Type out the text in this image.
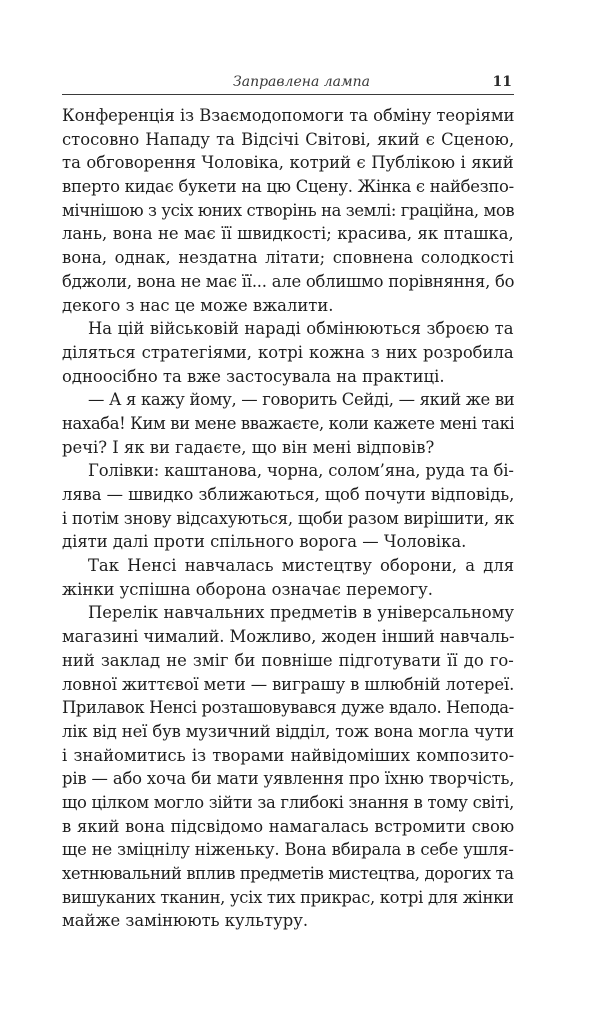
Заправлена лампа	11
Конференція із Взаємодопомоги та обміну теоріями
стосовно Нападу та Відсічі Світові, який є Сценою,
та обговорення Чоловіка, котрий є Публікою і який
вперто кидає букети на цю Сцену. Жінка є найбезпо-
мічнішою з усіх юних створінь на землі: граційна, мов
лань, вона не має її швидкості; красива, як пташка,
вона, однак, нездатна літати; сповнена солодкості
бджоли, вона не має її... але облишмо порівняння, бо
декого з нас це може вжалити.
На цій військовій нараді обмінюються зброєю та
діляться стратегіями, котрі кожна з них розробила
одноосібно та вже застосувала на практиці.
— А я кажу йому, — говорить Сейді, — який же ви
нахаба! Ким ви мене вважаєте, коли кажете мені такі
речі? І як ви гадаєте, що він мені відповів?
Голівки: каштанова, чорна, солом’яна, руда та бі-
лява — швидко зближаються, щоб почути відповідь,
і потім знову відсахуються, щоби разом вирішити, як
діяти далі проти спільного ворога — Чоловіка.
Так Ненсі навчалась мистецтву оборони, а для
жінки успішна оборона означає перемогу.
Перелік навчальних предметів в універсальному
магазині чималий. Можливо, жоден інший навчаль-
ний заклад не зміг би повніше підготувати її до го-
ловної життєвої мети — виграшу в шлюбній лотереї.
Прилавок Ненсі розташовувався дуже вдало. Непода-
лік від неї був музичний відділ, тож вона могла чути
і знайомитись із творами найвідоміших композито-
рів — або хоча би мати уявлення про їхню творчість,
що цілком могло зійти за глибокі знання в тому світі,
в який вона підсвідомо намагалась встромити свою
ще не зміцнілу ніженьку. Вона вбирала в себе ушля-
хетнювальний вплив предметів мистецтва, дорогих та
вишуканих тканин, усіх тих прикрас, котрі для жінки
майже замінюють культуру.
